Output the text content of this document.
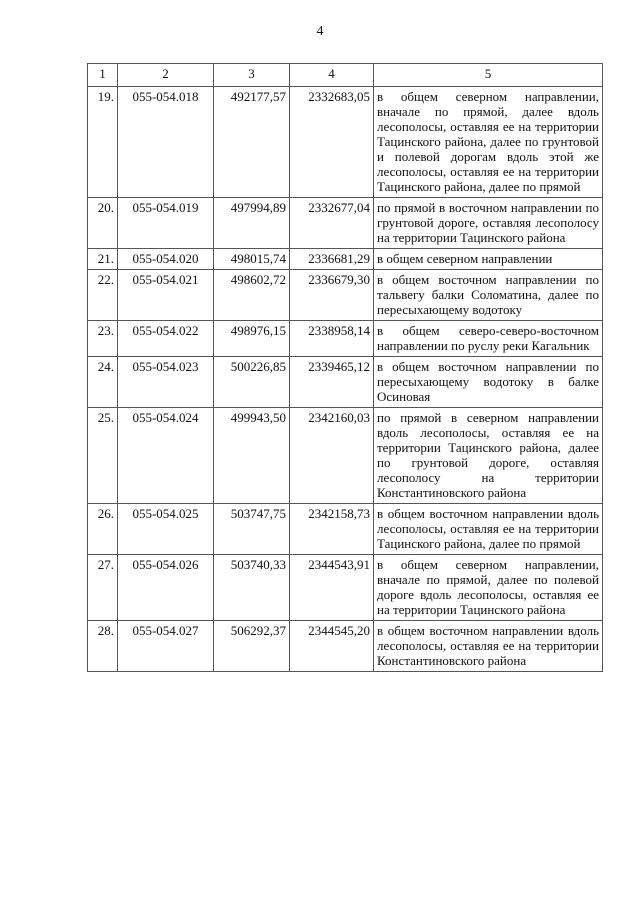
4
1	2	3	4	5
19.	055-054.018	492177,57	2332683,05	в общем северном направлении, вначале по прямой, далее вдоль лесополосы, оставляя ее на территории Тацинского района, далее по грунтовой и полевой дорогам вдоль этой же лесополосы, оставляя ее на территории Тацинского района, далее по прямой
20.	055-054.019	497994,89	2332677,04	по прямой в восточном направлении по грунтовой дороге, оставляя лесополосу на территории Тацинского района
21.	055-054.020	498015,74	2336681,29	в общем северном направлении
22.	055-054.021	498602,72	2336679,30	в общем восточном направлении по тальвегу балки Соломатина, далее по пересыхающему водотоку
23.	055-054.022	498976,15	2338958,14	в общем северо-северо-восточном направлении по руслу реки Кагальник
24.	055-054.023	500226,85	2339465,12	в общем восточном направлении по пересыхающему водотоку в балке Осиновая
25.	055-054.024	499943,50	2342160,03	по прямой в северном направлении вдоль лесополосы, оставляя ее на территории Тацинского района, далее по грунтовой дороге, оставляя лесополосу на территории Константиновского района
26.	055-054.025	503747,75	2342158,73	в общем восточном направлении вдоль лесополосы, оставляя ее на территории Тацинского района, далее по прямой
27.	055-054.026	503740,33	2344543,91	в общем северном направлении, вначале по прямой, далее по полевой дороге вдоль лесополосы, оставляя ее на территории Тацинского района
28.	055-054.027	506292,37	2344545,20	в общем восточном направлении вдоль лесополосы, оставляя ее на территории Константиновского района
